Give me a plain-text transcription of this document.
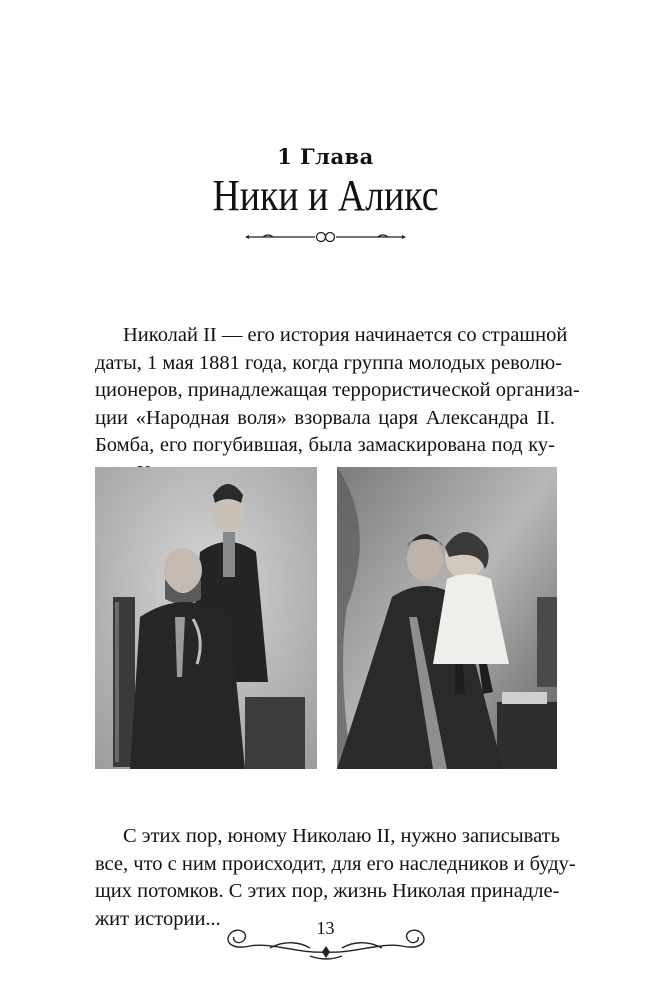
1 Глава
Ники и Аликс
Николай II — его история начинается со страшной
даты, 1 мая 1881 года, когда группа молодых револю-
ционеров, принадлежащая террористической организа-
ции «Народная воля» взорвала царя Александра II.
Бомба, его погубившая, была замаскирована под ку-
С этих пор, юному Николаю II, нужно записывать
все, что с ним происходит, для его наследников и буду-
щих потомков. С этих пор, жизнь Николая принадле-
жит истории...	13
